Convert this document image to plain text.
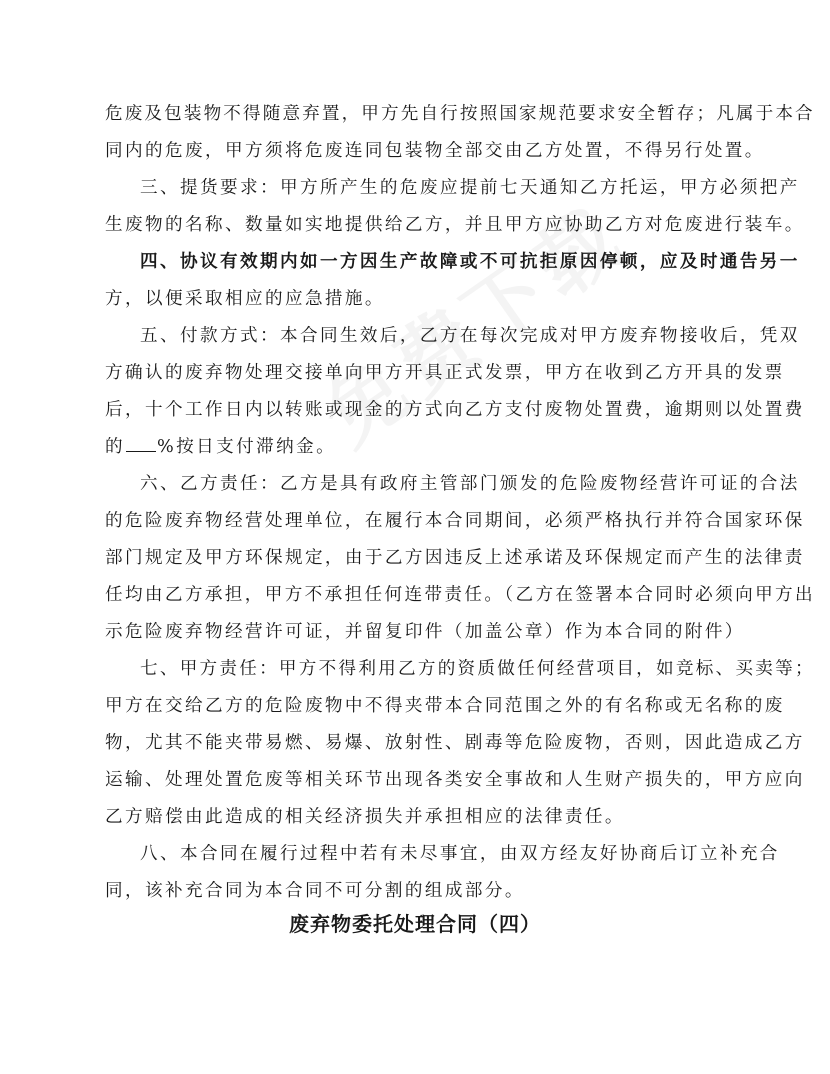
危废及包装物不得随意弃置，甲方先自行按照国家规范要求安全暂存；凡属于本合
同内的危废，甲方须将危废连同包装物全部交由乙方处置，不得另行处置。
三、提货要求：甲方所产生的危废应提前七天通知乙方托运，甲方必须把产
生废物的名称、数量如实地提供给乙方，并且甲方应协助乙方对危废进行装车。
四、协议有效期内如一方因生产故障或不可抗拒原因停顿，应及时通告另一
方，以便采取相应的应急措施。
五、付款方式：本合同生效后，乙方在每次完成对甲方废弃物接收后，凭双
方确认的废弃物处理交接单向甲方开具正式发票，甲方在收到乙方开具的发票
后，十个工作日内以转账或现金的方式向乙方支付废物处置费，逾期则以处置费
的 %按日支付滞纳金。
六、乙方责任：乙方是具有政府主管部门颁发的危险废物经营许可证的合法
的危险废弃物经营处理单位，在履行本合同期间，必须严格执行并符合国家环保
部门规定及甲方环保规定，由于乙方因违反上述承诺及环保规定而产生的法律责
任均由乙方承担，甲方不承担任何连带责任。（乙方在签署本合同时必须向甲方出
示危险废弃物经营许可证，并留复印件（加盖公章）作为本合同的附件）
七、甲方责任：甲方不得利用乙方的资质做任何经营项目，如竞标、买卖等；
甲方在交给乙方的危险废物中不得夹带本合同范围之外的有名称或无名称的废
物，尤其不能夹带易燃、易爆、放射性、剧毒等危险废物，否则，因此造成乙方
运输、处理处置危废等相关环节出现各类安全事故和人生财产损失的，甲方应向
乙方赔偿由此造成的相关经济损失并承担相应的法律责任。
八、本合同在履行过程中若有未尽事宜，由双方经友好协商后订立补充合
同，该补充合同为本合同不可分割的组成部分。
废弃物委托处理合同（四）
